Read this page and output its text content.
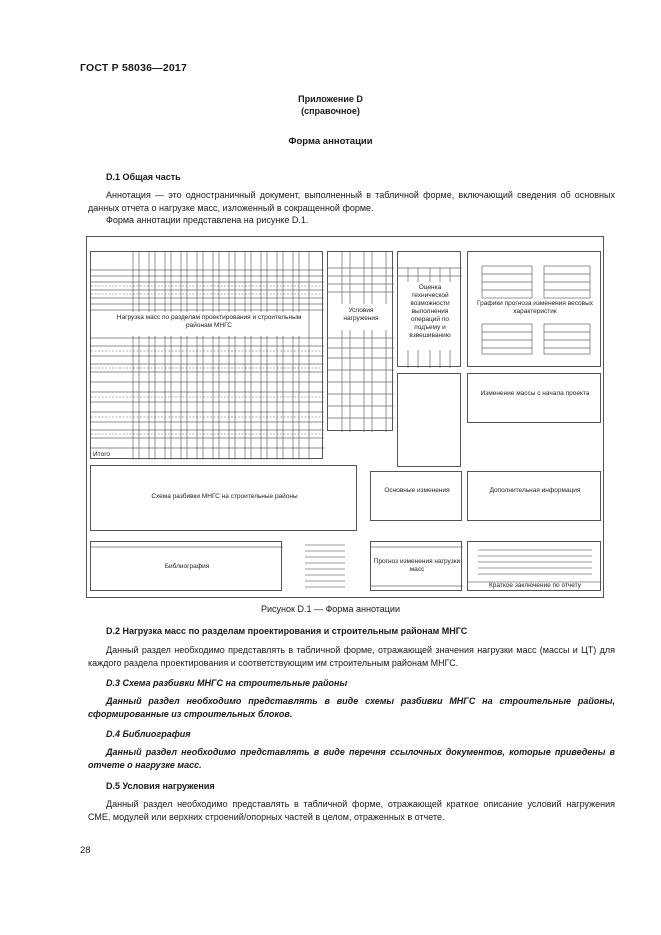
ГОСТ Р 58036—2017
Приложение D
(справочное)
Форма аннотации
D.1 Общая часть
Аннотация — это одностраничный документ, выполненный в табличной форме, включающий сведения об основных данных отчета о нагрузке масс, изложенный в сокращенной форме.
Форма аннотации представлена на рисунке D.1.
Нагрузка масс по разделам проектирования и строительным районам МНГС
Итого
Условия нагружения
Оценка технической возможности выполнения операций по подъему и взвешиванию
Графики прогноза изменения весовых характеристик
Изменение массы с начала проекта
Схема разбивки МНГС на строительные районы
Основные изменения	Дополнительная информация
Библиография
Прогноз изменения нагрузки масс
Краткое заключение по отчету
Рисунок D.1 — Форма аннотации
D.2 Нагрузка масс по разделам проектирования и строительным районам МНГС
Данный раздел необходимо представлять в табличной форме, отражающей значения нагрузки масс (массы и ЦТ) для каждого раздела проектирования и соответствующим им строительным районам МНГС.
D.3 Схема разбивки МНГС на строительные районы
Данный раздел необходимо представлять в виде схемы разбивки МНГС на строительные районы, сформированные из строительных блоков.
D.4 Библиография
Данный раздел необходимо представлять в виде перечня ссылочных документов, которые приведены в отчете о нагрузке масс.
D.5 Условия нагружения
Данный раздел необходимо представлять в табличной форме, отражающей краткое описание условий нагружения СМЕ, модулей или верхних строений/опорных частей в целом, отраженных в отчете.
28
